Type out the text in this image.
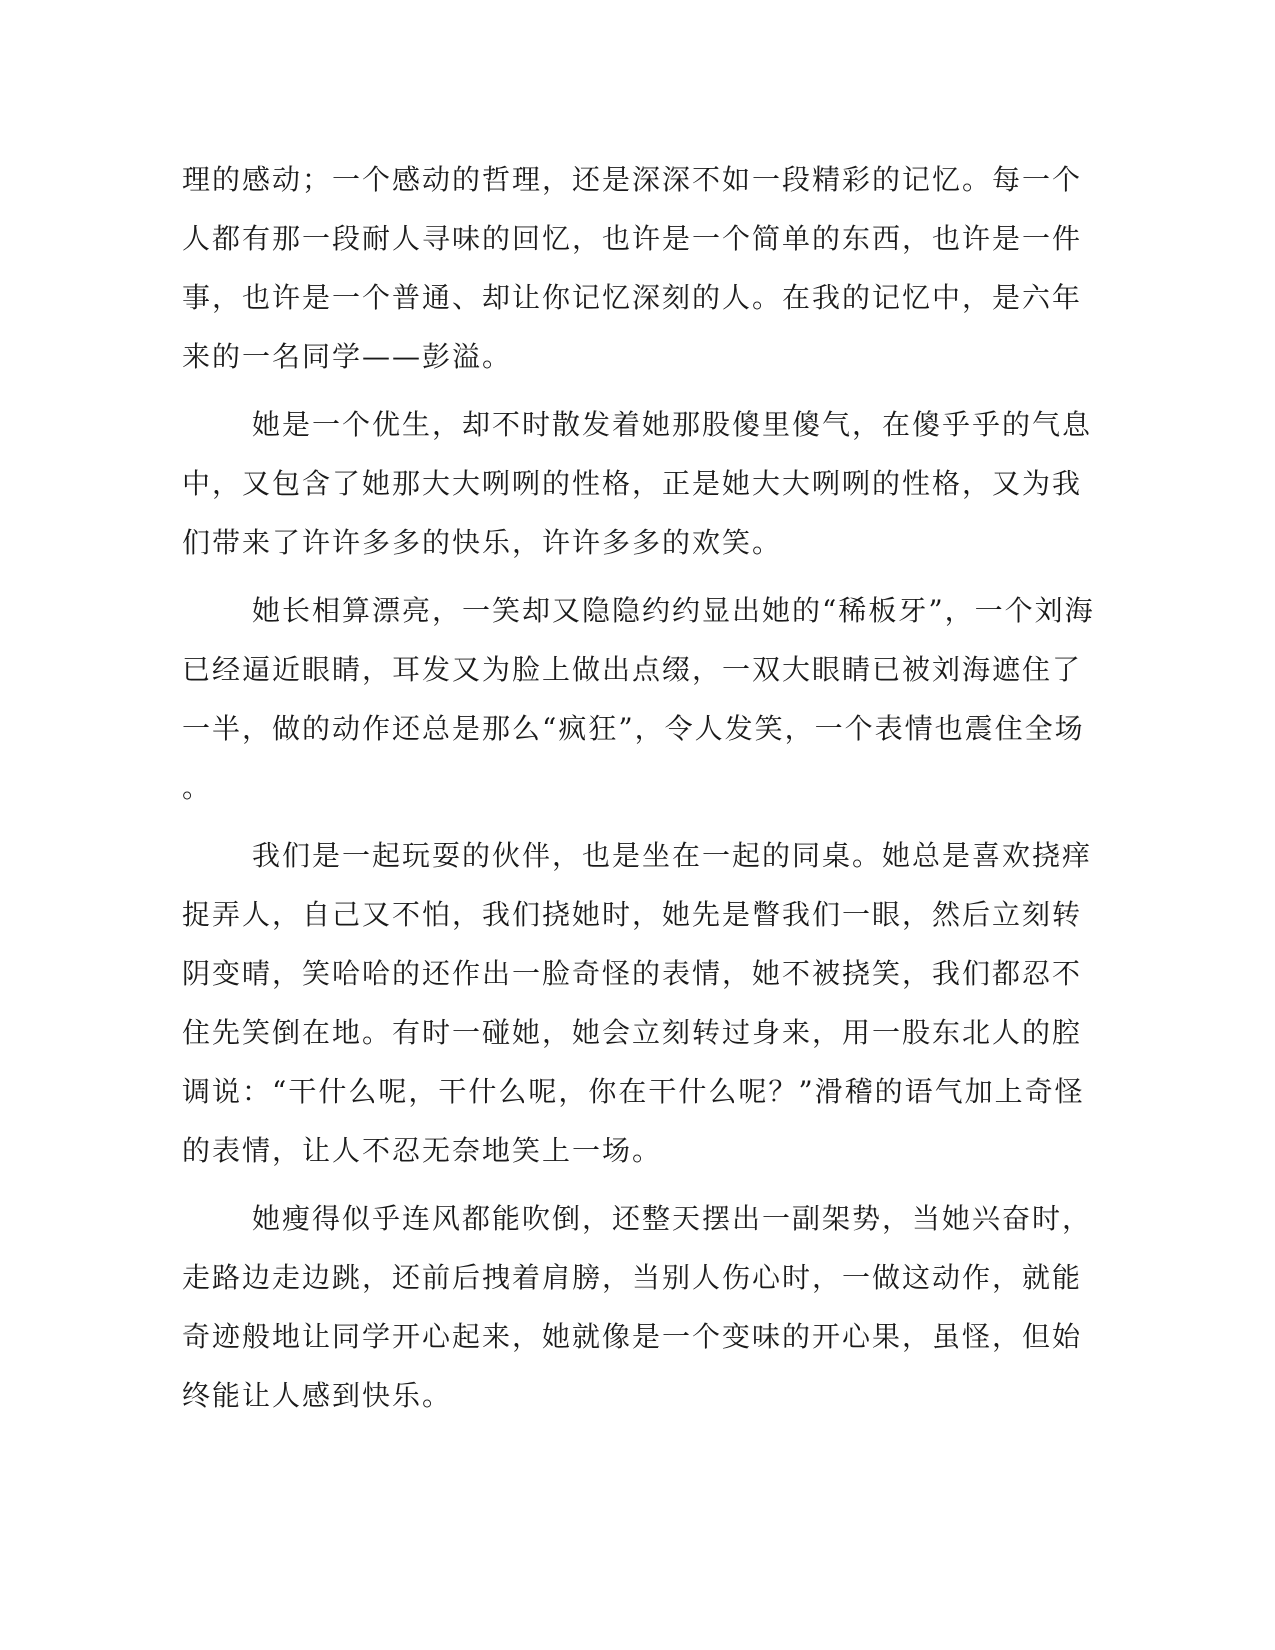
理的感动；一个感动的哲理，还是深深不如一段精彩的记忆。每一个
人都有那一段耐人寻味的回忆，也许是一个简单的东西，也许是一件
事，也许是一个普通、却让你记忆深刻的人。在我的记忆中，是六年
来的一名同学——彭溢。

她是一个优生，却不时散发着她那股傻里傻气，在傻乎乎的气息
中，又包含了她那大大咧咧的性格，正是她大大咧咧的性格，又为我
们带来了许许多多的快乐，许许多多的欢笑。

她长相算漂亮，一笑却又隐隐约约显出她的“稀板牙”，一个刘海
已经逼近眼睛，耳发又为脸上做出点缀，一双大眼睛已被刘海遮住了
一半，做的动作还总是那么“疯狂”，令人发笑，一个表情也震住全场
。

我们是一起玩耍的伙伴，也是坐在一起的同桌。她总是喜欢挠痒
捉弄人，自己又不怕，我们挠她时，她先是瞥我们一眼，然后立刻转
阴变晴，笑哈哈的还作出一脸奇怪的表情，她不被挠笑，我们都忍不
住先笑倒在地。有时一碰她，她会立刻转过身来，用一股东北人的腔
调说：“干什么呢，干什么呢，你在干什么呢？”滑稽的语气加上奇怪
的表情，让人不忍无奈地笑上一场。

她瘦得似乎连风都能吹倒，还整天摆出一副架势，当她兴奋时，
走路边走边跳，还前后拽着肩膀，当别人伤心时，一做这动作，就能
奇迹般地让同学开心起来，她就像是一个变味的开心果，虽怪，但始
终能让人感到快乐。
